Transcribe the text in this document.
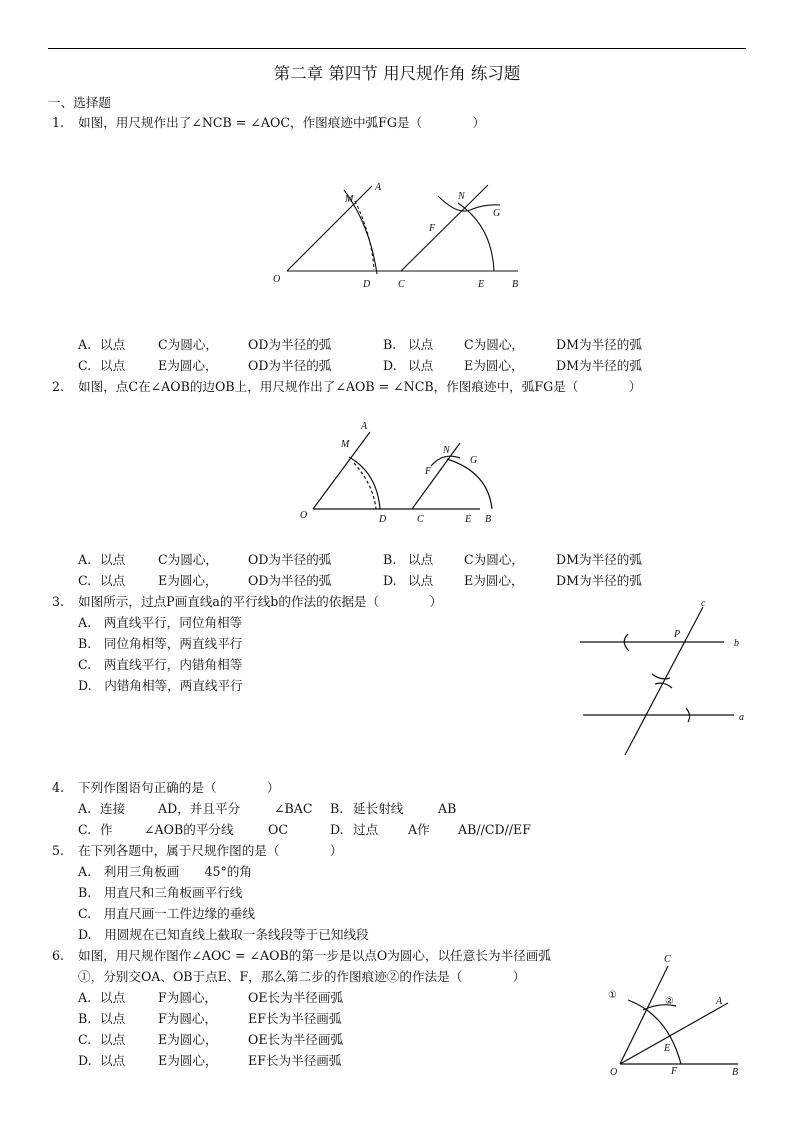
第二章 第四节 用尺规作角 练习题
一、选择题
1. 如图，用尺规作出了∠NCB = ∠AOC，作图痕迹中弧FG是（　　　　）
O
M
A
D	C
N
G
F
E	B
A. 以点	C为圆心， OD为半径的弧	B. 以点 C为圆心，	DM为半径的弧
C. 以点	E为圆心， OD为半径的弧	D. 以点 E为圆心，	DM为半径的弧
2. 如图，点C在∠AOB的边OB上，用尺规作出了∠AOB = ∠NCB，作图痕迹中，弧FG是（　　　　）
A
M
O	D	C
N
G
F
E B
A. 以点	C为圆心， OD为半径的弧	B. 以点 C为圆心，	DM为半径的弧
C. 以点	E为圆心， OD为半径的弧	D. 以点 E为圆心，	DM为半径的弧
3. 如图所示，过点P画直线a的平行线b的作法的依据是（　　　　）
A.　两直线平行，同位角相等
B.　同位角相等，两直线平行
C.　两直线平行，内错角相等
D.　内错角相等，两直线平行
c
P
b
a
4. 下列作图语句正确的是（　　　　）
A. 连接	AD，并且平分	∠BAC B. 延长射线	AB
C. 作 ∠AOB的平分线	OC	D. 过点 A作 AB//CD//EF
5. 在下列各题中，属于尺规作图的是（　　　　）
A.　利用三角板画　　45°的角
B.　用直尺和三角板画平行线
C.　用直尺画一工件边缘的垂线
D.　用圆规在已知直线上截取一条线段等于已知线段
6. 如图，用尺规作图作∠AOC = ∠AOB的第一步是以点O为圆心，以任意长为半径画弧
①，分别交OA、OB于点E、F，那么第二步的作图痕迹②的作法是（　　　　）
A. 以点	F为圆心， OE长为半径画弧
B. 以点	F为圆心， EF长为半径画弧
C. 以点	E为圆心， OE长为半径画弧
D. 以点	E为圆心， EF长为半径画弧
C
①
②	A
E
O	F	B
